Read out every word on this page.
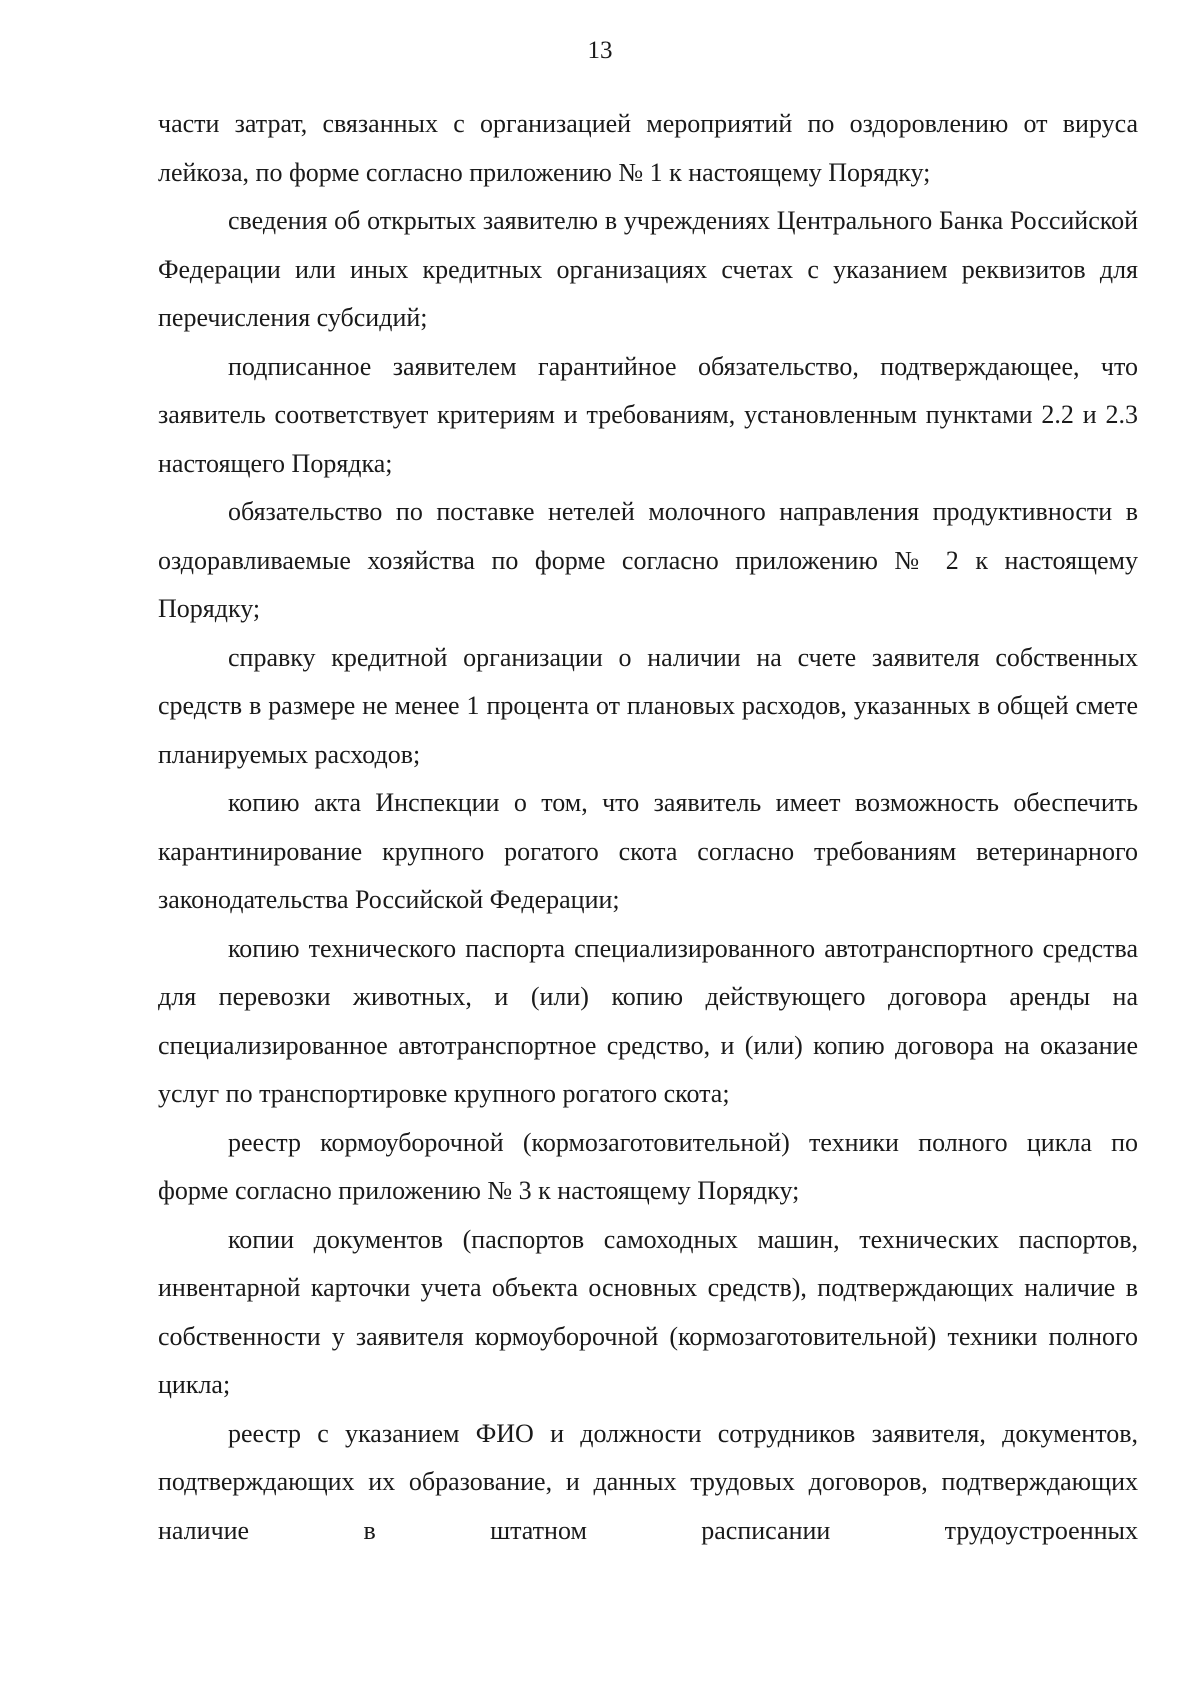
13

части затрат, связанных с организацией мероприятий по оздоровлению от вируса лейкоза, по форме согласно приложению № 1 к настоящему Порядку;

сведения об открытых заявителю в учреждениях Центрального Банка Российской Федерации или иных кредитных организациях счетах с указанием реквизитов для перечисления субсидий;

подписанное заявителем гарантийное обязательство, подтверждающее, что заявитель соответствует критериям и требованиям, установленным пунктами 2.2 и 2.3 настоящего Порядка;

обязательство по поставке нетелей молочного направления продуктивности в оздоравливаемые хозяйства по форме согласно приложению № 2 к настоящему Порядку;

справку кредитной организации о наличии на счете заявителя собственных средств в размере не менее 1 процента от плановых расходов, указанных в общей смете планируемых расходов;

копию акта Инспекции о том, что заявитель имеет возможность обеспечить карантинирование крупного рогатого скота согласно требованиям ветеринарного законодательства Российской Федерации;

копию технического паспорта специализированного автотранспортного средства для перевозки животных, и (или) копию действующего договора аренды на специализированное автотранспортное средство, и (или) копию договора на оказание услуг по транспортировке крупного рогатого скота;

реестр кормоуборочной (кормозаготовительной) техники полного цикла по форме согласно приложению № 3 к настоящему Порядку;

копии документов (паспортов самоходных машин, технических паспортов, инвентарной карточки учета объекта основных средств), подтверждающих наличие в собственности у заявителя кормоуборочной (кормозаготовительной) техники полного цикла;

реестр с указанием ФИО и должности сотрудников заявителя, документов, подтверждающих их образование, и данных трудовых договоров, подтверждающих наличие в штатном расписании трудоустроенных
